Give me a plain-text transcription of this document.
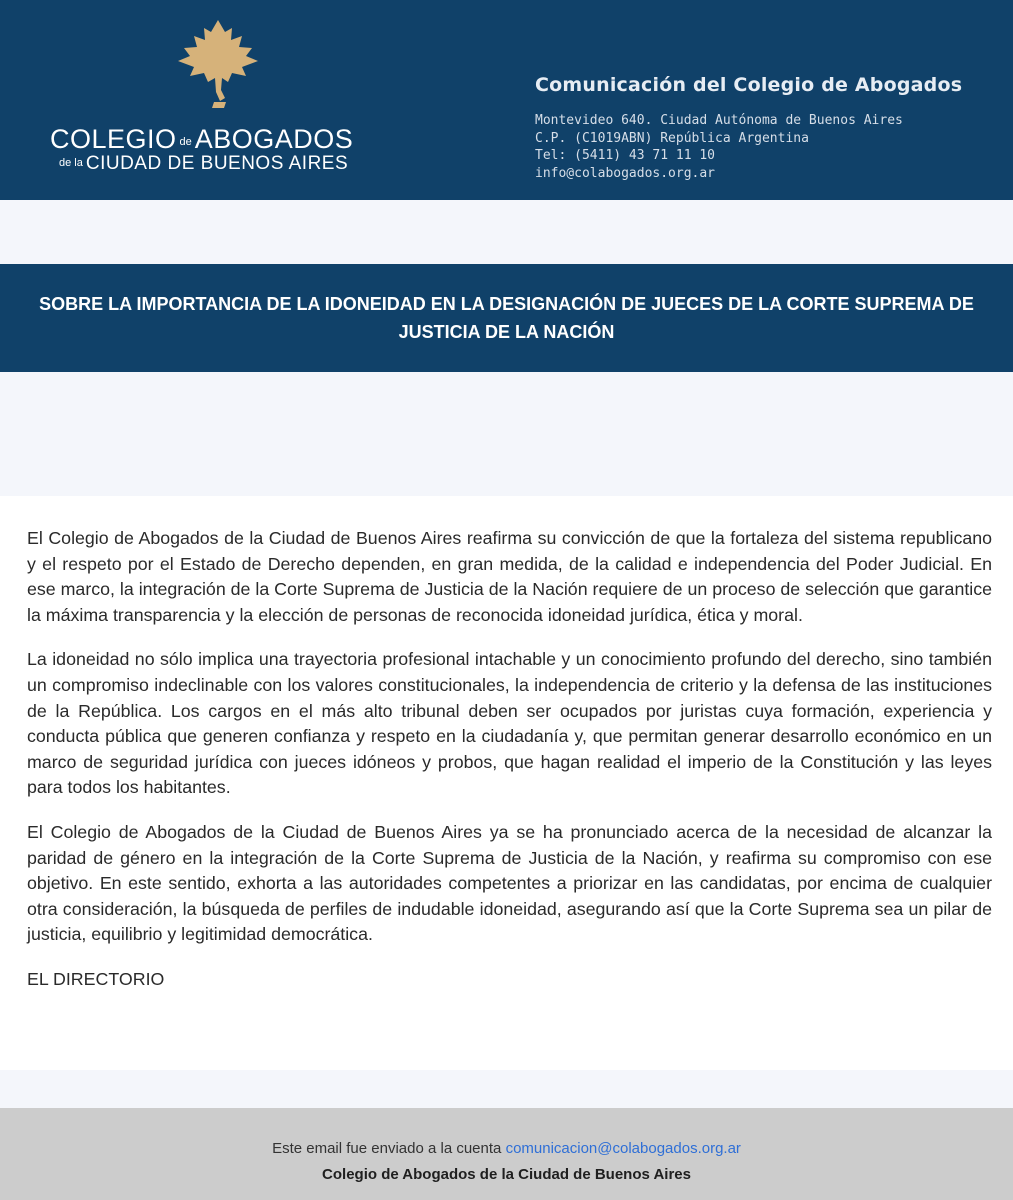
COLEGIO de ABOGADOS
de la CIUDAD DE BUENOS AIRES
Comunicación del Colegio de Abogados
Montevideo 640. Ciudad Autónoma de Buenos Aires
C.P. (C1019ABN) República Argentina
Tel: (5411) 43 71 11 10
info@colabogados.org.ar
SOBRE LA IMPORTANCIA DE LA IDONEIDAD EN LA DESIGNACIÓN DE JUECES DE LA CORTE SUPREMA DE JUSTICIA DE LA NACIÓN

El Colegio de Abogados de la Ciudad de Buenos Aires reafirma su convicción de que la fortaleza del sistema republicano y el respeto por el Estado de Derecho dependen, en gran medida, de la calidad e independencia del Poder Judicial. En ese marco, la integración de la Corte Suprema de Justicia de la Nación requiere de un proceso de selección que garantice la máxima transparencia y la elección de personas de reconocida idoneidad jurídica, ética y moral.

La idoneidad no sólo implica una trayectoria profesional intachable y un conocimiento profundo del derecho, sino también un compromiso indeclinable con los valores constitucionales, la independencia de criterio y la defensa de las instituciones de la República. Los cargos en el más alto tribunal deben ser ocupados por juristas cuya formación, experiencia y conducta pública que generen confianza y respeto en la ciudadanía y, que permitan generar desarrollo económico en un marco de seguridad jurídica con jueces idóneos y probos, que hagan realidad el imperio de la Constitución y las leyes para todos los habitantes.

El Colegio de Abogados de la Ciudad de Buenos Aires ya se ha pronunciado acerca de la necesidad de alcanzar la paridad de género en la integración de la Corte Suprema de Justicia de la Nación, y reafirma su compromiso con ese objetivo. En este sentido, exhorta a las autoridades competentes a priorizar en las candidatas, por encima de cualquier otra consideración, la búsqueda de perfiles de indudable idoneidad, asegurando así que la Corte Suprema sea un pilar de justicia, equilibrio y legitimidad democrática.

EL DIRECTORIO

Este email fue enviado a la cuenta comunicacion@colabogados.org.ar
Colegio de Abogados de la Ciudad de Buenos Aires
